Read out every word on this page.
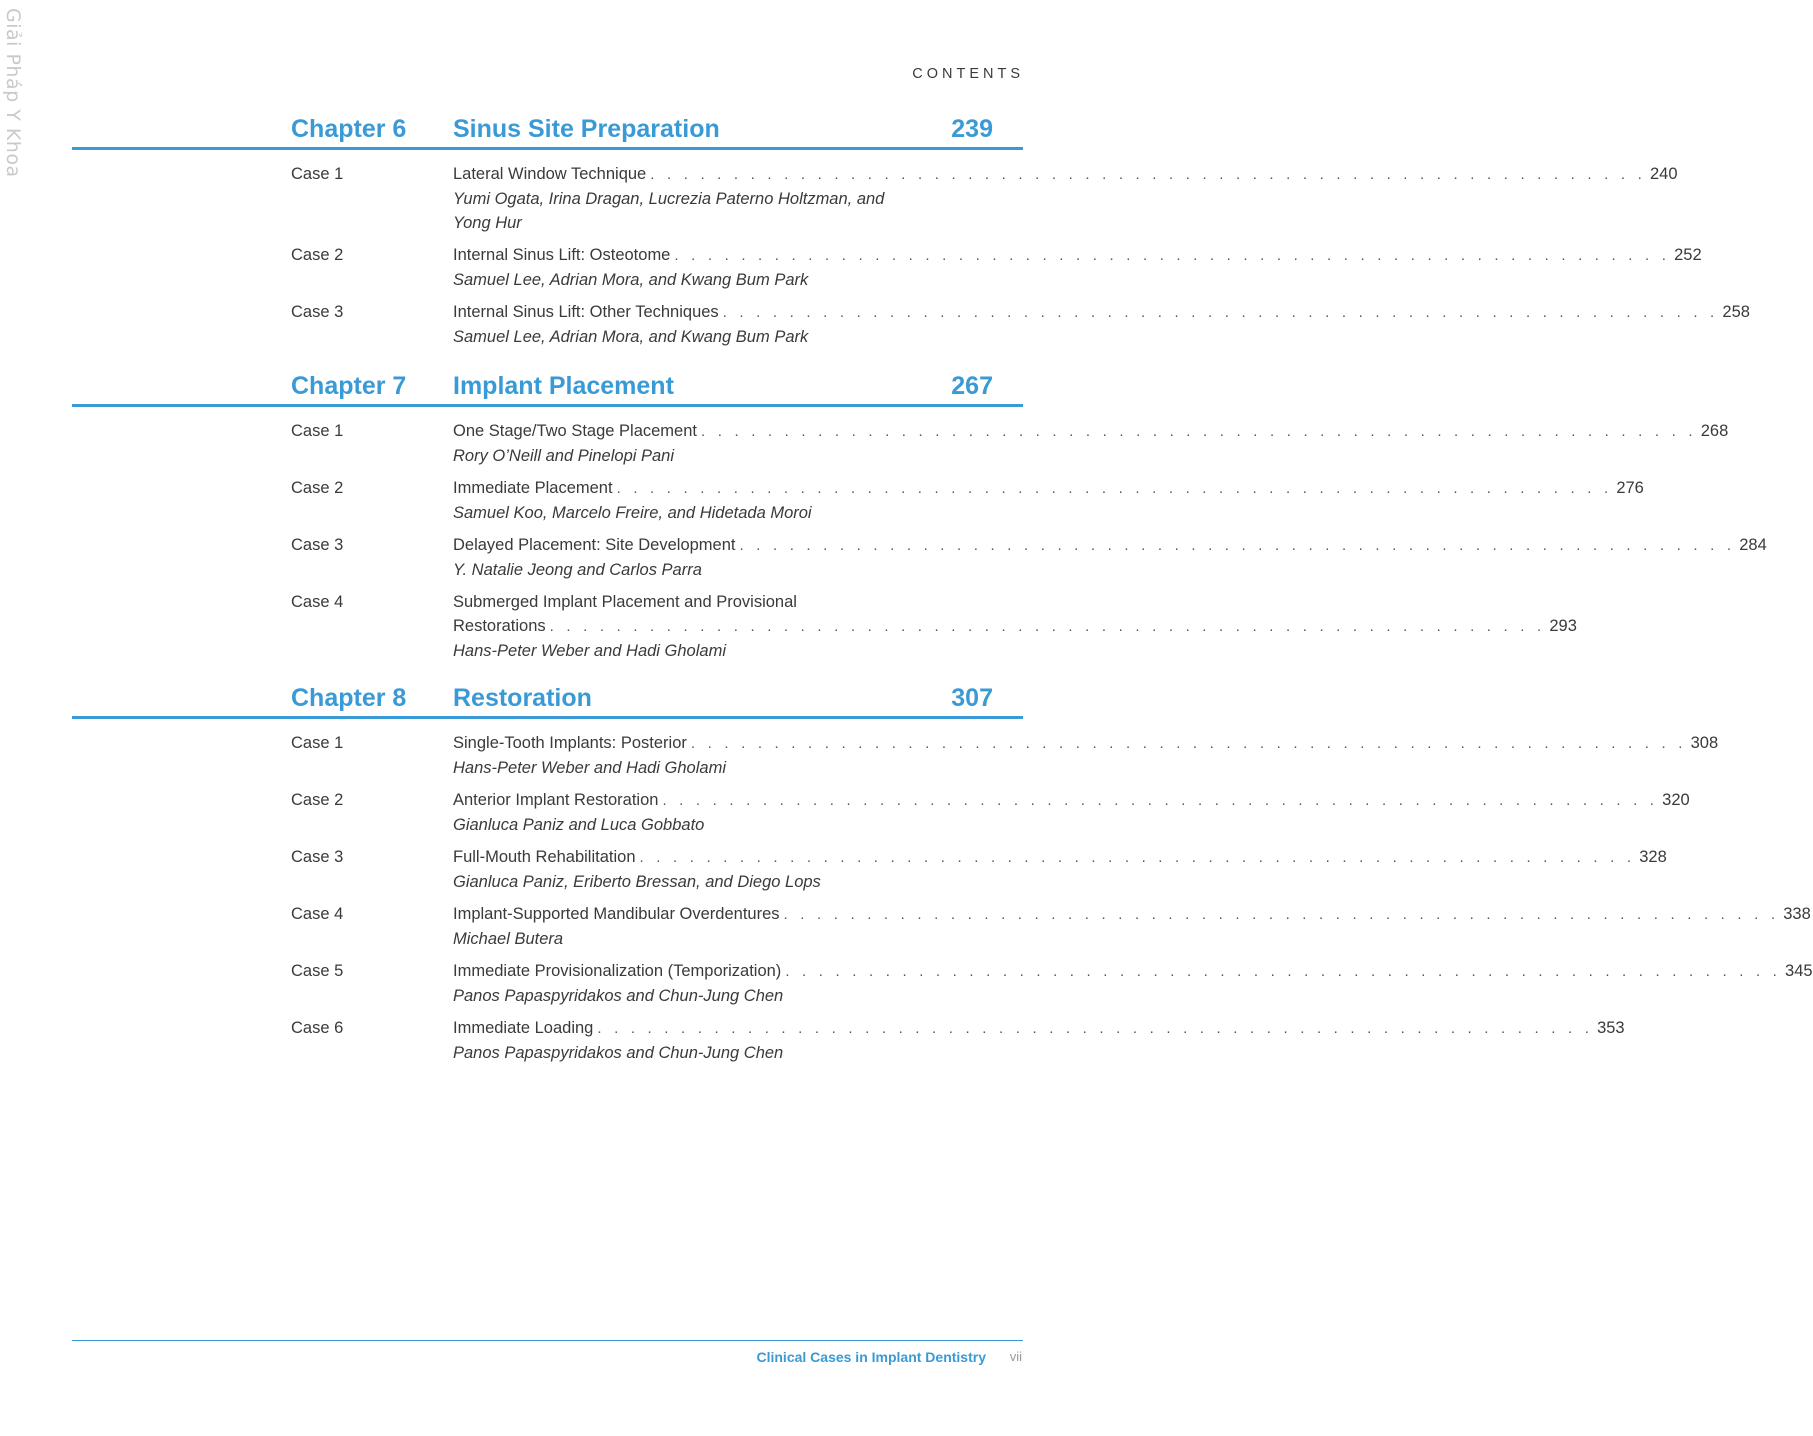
Giải Pháp Y Khoa	CONTENTS
Chapter 6 Sinus Site Preparation	239
Case 1	Lateral Window Technique . . . . . . . . . . . . . . . . . . . . . . . . . . . . . . . . . . . . . . . . . . . . . . . . . . . . . . . . . . . . 240
Yumi Ogata, Irina Dragan, Lucrezia Paterno Holtzman, and
Yong Hur
Case 2	Internal Sinus Lift: Osteotome . . . . . . . . . . . . . . . . . . . . . . . . . . . . . . . . . . . . . . . . . . . . . . . . . . . . . . . . . . . . 252
Samuel Lee, Adrian Mora, and Kwang Bum Park
Case 3	Internal Sinus Lift: Other Techniques . . . . . . . . . . . . . . . . . . . . . . . . . . . . . . . . . . . . . . . . . . . . . . . . . . . . . . . . . . . . 258
Samuel Lee, Adrian Mora, and Kwang Bum Park
Chapter 7 Implant Placement	267
Case 1	One Stage/Two Stage Placement . . . . . . . . . . . . . . . . . . . . . . . . . . . . . . . . . . . . . . . . . . . . . . . . . . . . . . . . . . . . 268
Rory O’Neill and Pinelopi Pani
Case 2	Immediate Placement . . . . . . . . . . . . . . . . . . . . . . . . . . . . . . . . . . . . . . . . . . . . . . . . . . . . . . . . . . . . 276
Samuel Koo, Marcelo Freire, and Hidetada Moroi
Case 3	Delayed Placement: Site Development . . . . . . . . . . . . . . . . . . . . . . . . . . . . . . . . . . . . . . . . . . . . . . . . . . . . . . . . . . . . 284
Y. Natalie Jeong and Carlos Parra
Case 4	Submerged Implant Placement and Provisional
Restorations . . . . . . . . . . . . . . . . . . . . . . . . . . . . . . . . . . . . . . . . . . . . . . . . . . . . . . . . . . . . 293
Hans-Peter Weber and Hadi Gholami
Chapter 8 Restoration	307
Case 1	Single-Tooth Implants: Posterior . . . . . . . . . . . . . . . . . . . . . . . . . . . . . . . . . . . . . . . . . . . . . . . . . . . . . . . . . . . . 308
Hans-Peter Weber and Hadi Gholami
Case 2	Anterior Implant Restoration . . . . . . . . . . . . . . . . . . . . . . . . . . . . . . . . . . . . . . . . . . . . . . . . . . . . . . . . . . . . 320
Gianluca Paniz and Luca Gobbato
Case 3	Full-Mouth Rehabilitation . . . . . . . . . . . . . . . . . . . . . . . . . . . . . . . . . . . . . . . . . . . . . . . . . . . . . . . . . . . . 328
Gianluca Paniz, Eriberto Bressan, and Diego Lops
Case 4	Implant-Supported Mandibular Overdentures . . . . . . . . . . . . . . . . . . . . . . . . . . . . . . . . . . . . . . . . . . . . . . . . . . . . . . . . . . . . 338
Michael Butera
Case 5	Immediate Provisionalization (Temporization) . . . . . . . . . . . . . . . . . . . . . . . . . . . . . . . . . . . . . . . . . . . . . . . . . . . . . . . . . . . . 345
Panos Papaspyridakos and Chun-Jung Chen
Case 6	Immediate Loading . . . . . . . . . . . . . . . . . . . . . . . . . . . . . . . . . . . . . . . . . . . . . . . . . . . . . . . . . . . . 353
Panos Papaspyridakos and Chun-Jung Chen
Clinical Cases in Implant Dentistry vii
